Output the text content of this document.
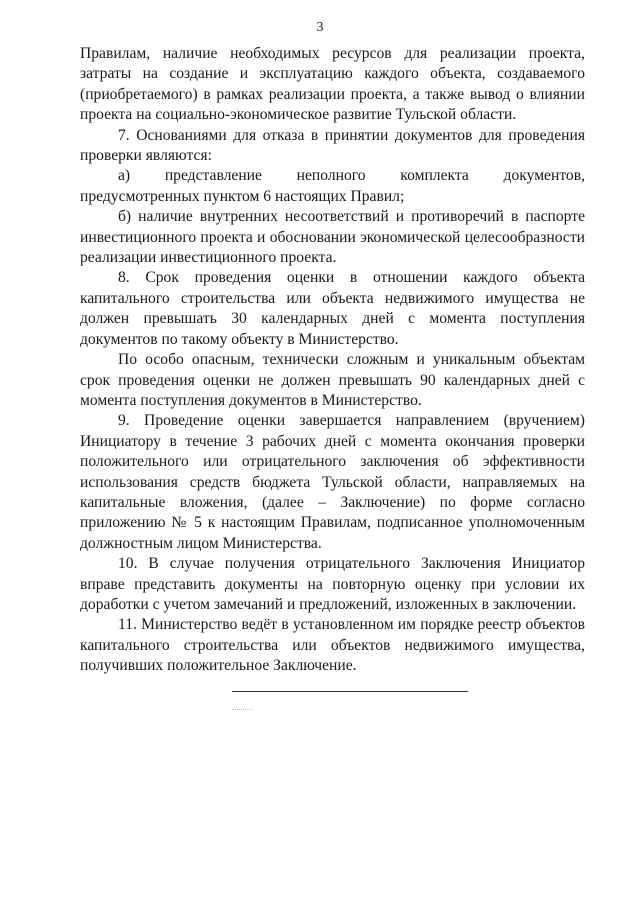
3

Правилам, наличие необходимых ресурсов для реализации проекта, затраты на создание и эксплуатацию каждого объекта, создаваемого (приобретаемого) в рамках реализации проекта, а также вывод о влиянии проекта на социально-экономическое развитие Тульской области.

7. Основаниями для отказа в принятии документов для проведения проверки являются:

а) представление неполного комплекта документов, предусмотренных пунктом 6 настоящих Правил;

б) наличие внутренних несоответствий и противоречий в паспорте инвестиционного проекта и обосновании экономической целесообразности реализации инвестиционного проекта.

8. Срок проведения оценки в отношении каждого объекта капитального строительства или объекта недвижимого имущества не должен превышать 30 календарных дней с момента поступления документов по такому объекту в Министерство.

По особо опасным, технически сложным и уникальным объектам срок проведения оценки не должен превышать 90 календарных дней с момента поступления документов в Министерство.

9. Проведение оценки завершается направлением (вручением) Инициатору в течение 3 рабочих дней с момента окончания проверки положительного или отрицательного заключения об эффективности использования средств бюджета Тульской области, направляемых на капитальные вложения, (далее – Заключение) по форме согласно приложению № 5 к настоящим Правилам, подписанное уполномоченным должностным лицом Министерства.

10. В случае получения отрицательного Заключения Инициатор вправе представить документы на повторную оценку при условии их доработки с учетом замечаний и предложений, изложенных в заключении.

11. Министерство ведёт в установленном им порядке реестр объектов капитального строительства или объектов недвижимого имущества, получивших положительное Заключение.
